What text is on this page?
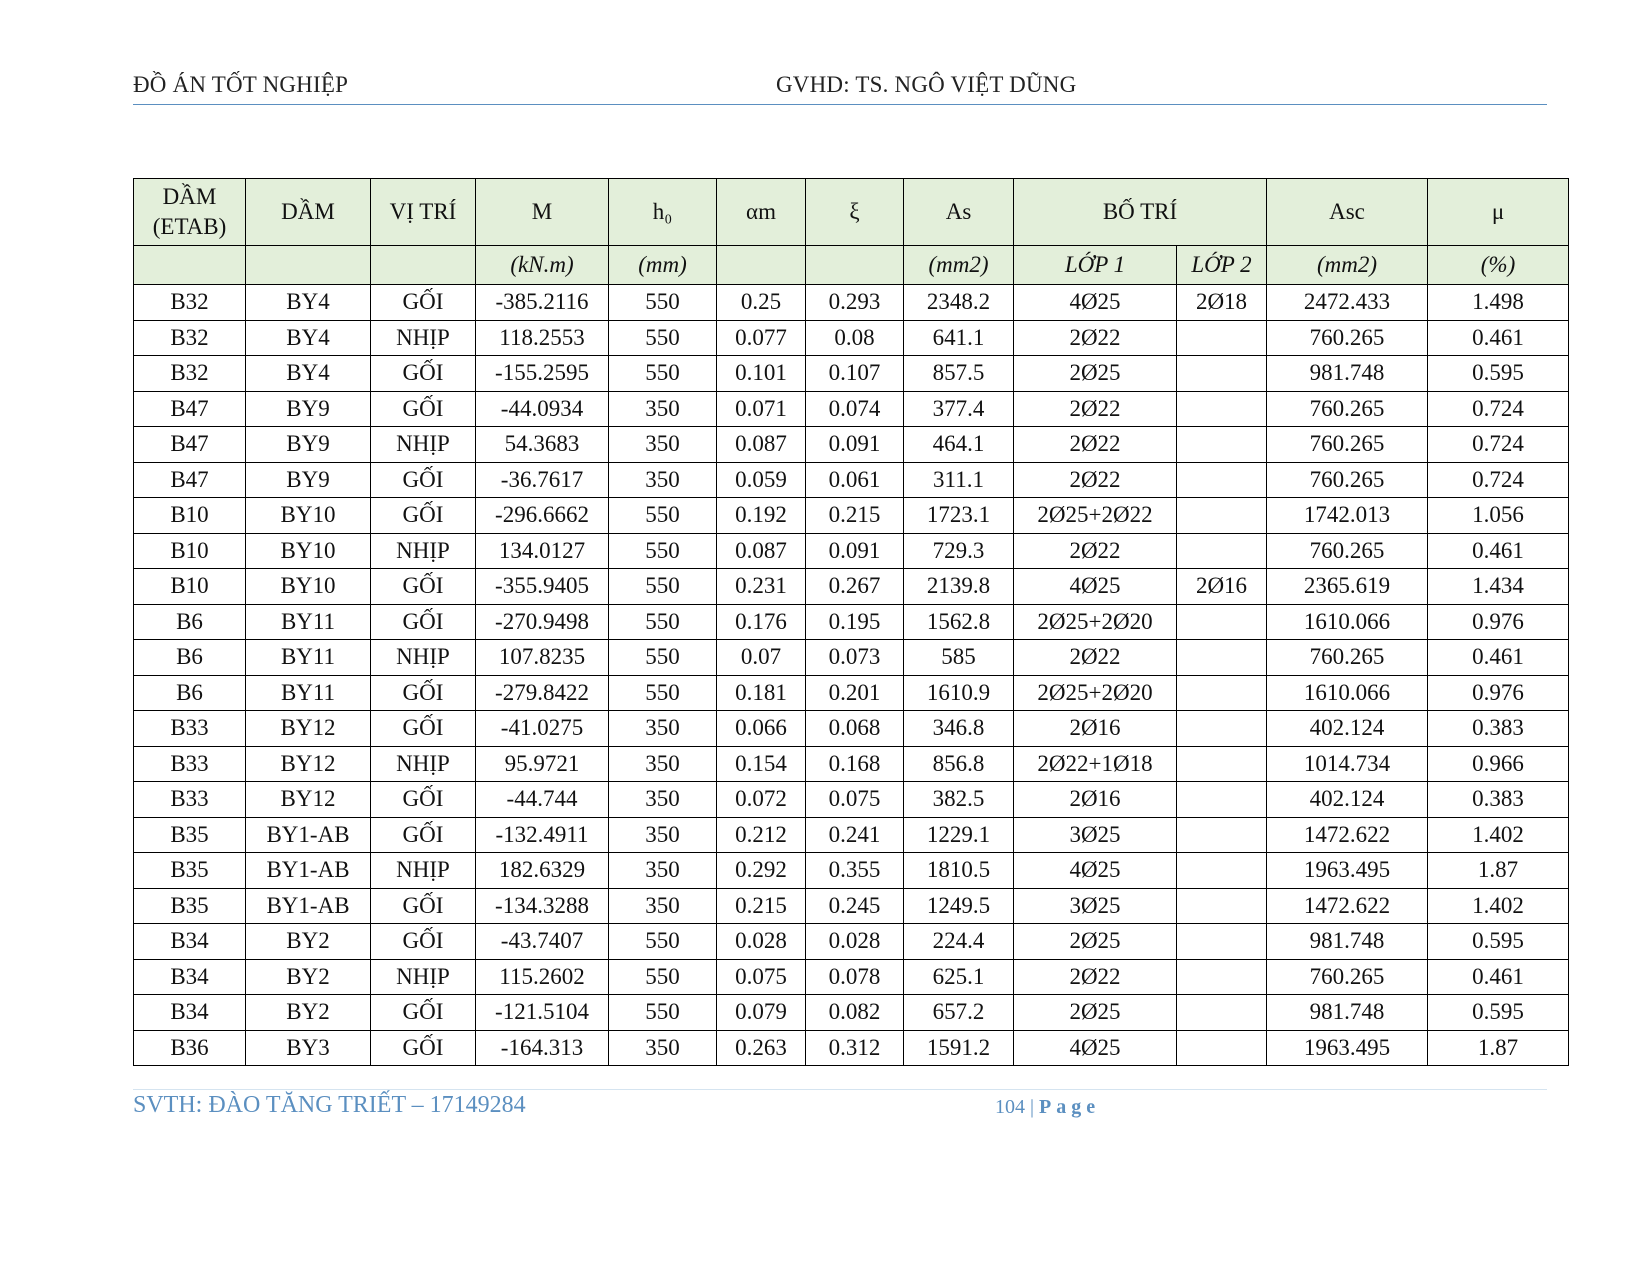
ĐỒ ÁN TỐT NGHIỆP	GVHD: TS. NGÔ VIỆT DŨNG
DẦM
(ETAB)	DẦM	VỊ TRÍ	M	h₀	αm	ξ	As	BỐ TRÍ		Asc	μ
			(kN.m)	(mm)			(mm2)	LỚP 1	LỚP 2	(mm2)	(%)
B32	BY4	GỐI	-385.2116	550	0.25	0.293	2348.2	4Ø25	2Ø18	2472.433	1.498
B32	BY4	NHỊP	118.2553	550	0.077	0.08	641.1	2Ø22		760.265	0.461
B32	BY4	GỐI	-155.2595	550	0.101	0.107	857.5	2Ø25		981.748	0.595
B47	BY9	GỐI	-44.0934	350	0.071	0.074	377.4	2Ø22		760.265	0.724
B47	BY9	NHỊP	54.3683	350	0.087	0.091	464.1	2Ø22		760.265	0.724
B47	BY9	GỐI	-36.7617	350	0.059	0.061	311.1	2Ø22		760.265	0.724
B10	BY10	GỐI	-296.6662	550	0.192	0.215	1723.1	2Ø25+2Ø22		1742.013	1.056
B10	BY10	NHỊP	134.0127	550	0.087	0.091	729.3	2Ø22		760.265	0.461
B10	BY10	GỐI	-355.9405	550	0.231	0.267	2139.8	4Ø25	2Ø16	2365.619	1.434
B6	BY11	GỐI	-270.9498	550	0.176	0.195	1562.8	2Ø25+2Ø20		1610.066	0.976
B6	BY11	NHỊP	107.8235	550	0.07	0.073	585	2Ø22		760.265	0.461
B6	BY11	GỐI	-279.8422	550	0.181	0.201	1610.9	2Ø25+2Ø20		1610.066	0.976
B33	BY12	GỐI	-41.0275	350	0.066	0.068	346.8	2Ø16		402.124	0.383
B33	BY12	NHỊP	95.9721	350	0.154	0.168	856.8	2Ø22+1Ø18		1014.734	0.966
B33	BY12	GỐI	-44.744	350	0.072	0.075	382.5	2Ø16		402.124	0.383
B35	BY1-AB	GỐI	-132.4911	350	0.212	0.241	1229.1	3Ø25		1472.622	1.402
B35	BY1-AB	NHỊP	182.6329	350	0.292	0.355	1810.5	4Ø25		1963.495	1.87
B35	BY1-AB	GỐI	-134.3288	350	0.215	0.245	1249.5	3Ø25		1472.622	1.402
B34	BY2	GỐI	-43.7407	550	0.028	0.028	224.4	2Ø25		981.748	0.595
B34	BY2	NHỊP	115.2602	550	0.075	0.078	625.1	2Ø22		760.265	0.461
B34	BY2	GỐI	-121.5104	550	0.079	0.082	657.2	2Ø25		981.748	0.595
B36	BY3	GỐI	-164.313	350	0.263	0.312	1591.2	4Ø25		1963.495	1.87
SVTH: ĐÀO TĂNG TRIẾT – 17149284	104 | Page
